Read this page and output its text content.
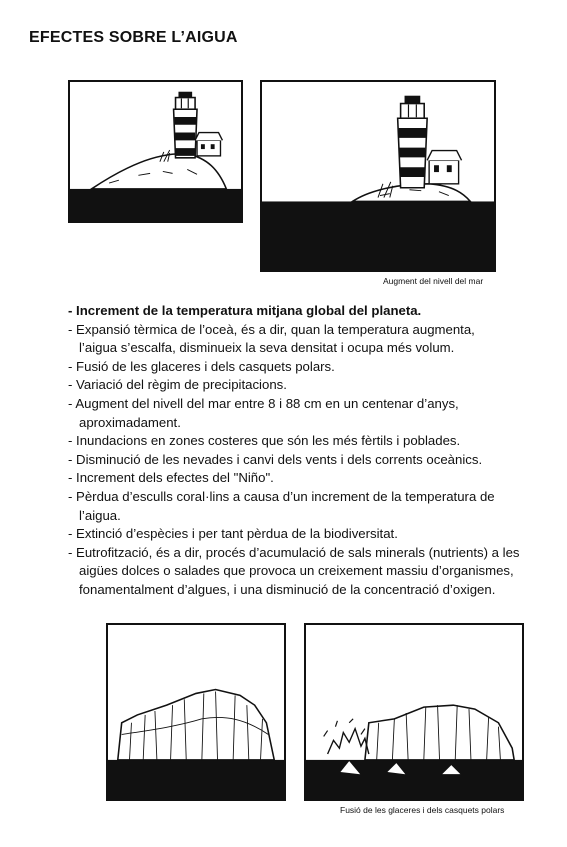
EFECTES SOBRE L’AIGUA
Augment del nivell del mar

- Increment de la temperatura mitjana global del planeta.

- Expansió tèrmica de l’oceà, és a dir, quan la temperatura augmenta,
l’aigua s’escalfa, disminueix la seva densitat i ocupa més volum.

- Fusió de les glaceres i dels casquets polars.

- Variació del règim de precipitacions.

- Augment del nivell del mar entre 8 i 88 cm en un centenar d’anys,
aproximadament.

- Inundacions en zones costeres que són les més fèrtils i poblades.

- Disminució de les nevades i canvi dels vents i dels corrents oceànics.

- Increment dels efectes del "Niño".

- Pèrdua d’esculls coral·lins a causa d’un increment de la temperatura de
l’aigua.

- Extinció d’espècies i per tant pèrdua de la biodiversitat.

- Eutrofització, és a dir, procés d’acumulació de sals minerals (nutrients) a les
aigües dolces o salades que provoca un creixement massiu d’organismes,
fonamentalment d’algues, i una disminució de la concentració d’oxigen.

Fusió de les glaceres i dels casquets polars
